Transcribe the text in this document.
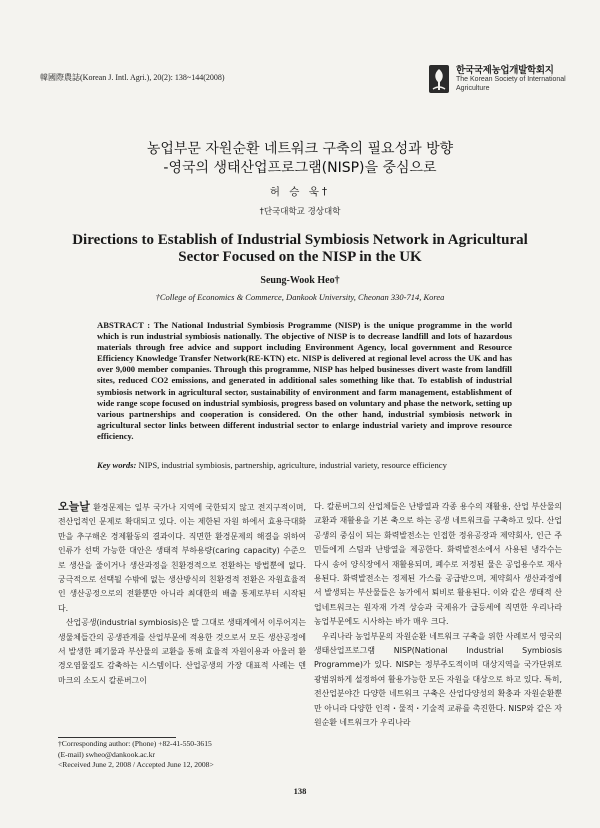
韓國際農誌(Korean J. Intl. Agri.), 20(2): 138~144(2008)
한국국제농업개발학회지
The Korean Society of International Agriculture
농업부문 자원순환 네트워크 구축의 필요성과 방향
-영국의 생태산업프로그램(NISP)을 중심으로
허 승 욱†
†단국대학교 경상대학
Directions to Establish of Industrial Symbiosis Network in Agricultural Sector Focused on the NISP in the UK
Seung-Wook Heo†
†College of Economics & Commerce, Dankook University, Cheonan 330-714, Korea
ABSTRACT : The National Industrial Symbiosis Programme (NISP) is the unique programme in the world which is run industrial symbiosis nationally. The objective of NISP is to decrease landfill and lots of hazardous materials through free advice and support including Environment Agency, local government and Resource Efficiency Knowledge Transfer Network(RE-KTN) etc. NISP is delivered at regional level across the UK and has over 9,000 member companies. Through this programme, NISP has helped businesses divert waste from landfill sites, reduced CO2 emissions, and generated in additional sales something like that. To establish of industrial symbiosis network in agricultural sector, sustainability of environment and farm management, establishment of wide range scope focused on industrial symbiosis, progress based on voluntary and phase the network, setting up various partnerships and cooperation is considered. On the other hand, industrial symbiosis network in agricultural sector links between different industrial sector to enlarge industrial variety and improve resource efficiency.
Key words: NIPS, industrial symbiosis, partnership, agriculture, industrial variety, resource efficiency

오늘날 환경문제는 일부 국가나 지역에 국한되지 않고 전지구적이며, 전산업적인 문제로 확대되고 있다. 이는 제한된 자원 하에서 효용극대화만을 추구해온 경제활동의 결과이다. 직면한 환경문제의 해결을 위하여 인류가 선택 가능한 대안은 생태적 부하용량(caring capacity) 수준으로 생산을 줄이거나 생산과정을 친환경적으로 전환하는 방법뿐에 없다. 궁극적으로 선택될 수밖에 없는 생산방식의 친환경적 전환은 자원효율적인 생산공정으로의 전환뿐만 아니라 최대한의 배출 통제로부터 시작된다.

산업공생(industrial symbiosis)은 말 그대로 생태계에서 이루어지는 생물체들간의 공생관계를 산업부문에 적용한 것으로서 모든 생산공정에서 발생한 폐기물과 부산물의 교환을 통해 효율적 자원이용과 아울러 환경오염물질도 감축하는 시스템이다. 산업공생의 가장 대표적 사례는 덴마크의 소도시 칼룬버그이

다. 칼룬버그의 산업체들은 난방열과 각종 용수의 재활용, 산업 부산물의 교환과 재활용을 기본 축으로 하는 공생 네트워크를 구축하고 있다. 산업공생의 중심이 되는 화력발전소는 인접한 정유공장과 제약회사, 인근 주민들에게 스팀과 난방열을 제공한다. 화력발전소에서 사용된 냉각수는 다시 송어 양식장에서 재활용되며, 폐수로 저정된 물은 공업용수로 재사용된다. 화력발전소는 정제된 가스를 공급받으며, 제약회사 생산과정에서 발생되는 부산물들은 농가에서 퇴비로 활용된다. 이와 같은 생태적 산업네트워크는 원자재 가격 상승과 국제유가 급등세에 직면한 우리나라 농업부문에도 시사하는 바가 매우 크다.

우리나라 농업부문의 자원순환 네트워크 구축을 위한 사례로서 영국의 생태산업프로그램 NISP(National Industrial Symbiosis Programme)가 있다. NISP는 정부주도적이며 대상지역을 국가단위로 광범위하게 설정하여 활용가능한 모든 자원을 대상으로 하고 있다. 특히, 전산업분야간 다양한 네트워크 구축은 산업다양성의 확충과 자원순환뿐만 아니라 다양한 인적・물적・기술적 교류를 촉진한다. NISP와 같은 자원순환 네트워크가 우리나라

†Corresponding author: (Phone) +82-41-550-3615
(E-mail) swheo@dankook.ac.kr
<Received June 2, 2008 / Accepted June 12, 2008>
138
